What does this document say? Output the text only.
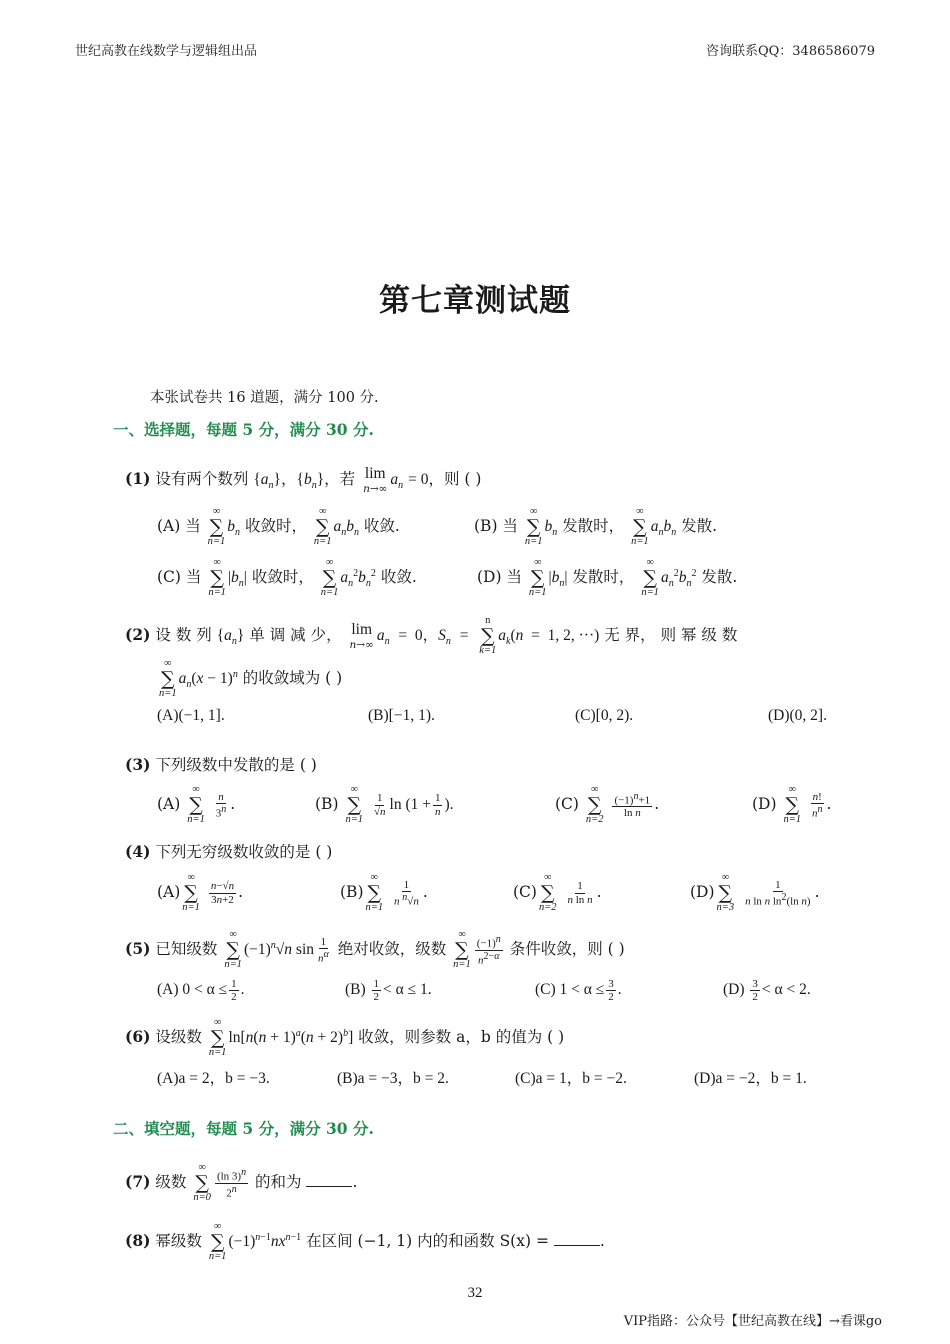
世纪高教在线数学与逻辑组出品	咨询联系QQ：3486586079
第七章测试题
本张试卷共 16 道题，满分 100 分.
一、选择题，每题 5 分，满分 30 分.
(1) 设有两个数列 $\{a_n\}$，$\{b_n\}$，若 lim
n→∞
$a_n = 0$，则 ( )
(A) 当
∞
∑
n=1
$b_n$ 收敛时，
∞
∑
n=1
$a_nb_n$ 收敛.	(B) 当
∞
∑
n=1
$b_n$ 发散时，
∞
∑
n=1
$a_nb_n$ 发散.
(C) 当
∞
∑
n=1
$|b_n|$ 收敛时，
∞
∑
n=1
$a_n^2b_n^2$ 收敛.	(D) 当
∞
∑
n=1
$|b_n|$ 发散时，
∞
∑
n=1
$a_n^2b_n^2$ 发散.
(2) 设 数 列 $\{a_n\}$ 单 调 减 少， lim
n→∞
$a_n = 0$，$S_n$  =
n
∑
k=1
$a_k(n = 1$, 2, ···) 无 界， 则 幂 级 数
∞
∑
n=1
$a_n(x - 1)^n$ 的收敛域为 ( )
(A)(−1, 1].	(B)[−1, 1).	(C)[0, 2).	(D)(0, 2].
(3) 下列级数中发散的是 ( )
(A)
∞
∑
n=1
$\frac{n}{3^n}$ .	(B)
∞
∑
n=1

$\frac{1}{√n}$ $\ln (1 + \frac{1}{n}$ ).	(C)
∞
∑
n=2
$\frac{(-1)^n+1}{\text{ln n}}$ .	(D)
∞
∑
n=1
$\frac{n!}{n^n}$ .
(4) 下列无穷级数收敛的是 ( )
(A)
∞
∑
n=1

$\frac{n-√n}{3n+2}$ .	(B)
∞
∑
n=1
$\frac{1}{n ^n√n}$ .	(C)
∞
∑
n=2

$\frac{1}{\text{n ln n}}$ .	(D)
∞
∑
n=3
$\frac{1}{n \ln n \ln^2(\ln n)}$ .
(5) 已知级数
∞
∑
n=1
$(-1)^n√n$ $\sin \frac{1}{n^\alpha}$ 绝对收敛，级数
∞
∑
$n=1 \frac{(-1)^n}{n^{2-\alpha}}$ 条件收敛，则 ( )
(A) $0 < \alpha \le \frac{1}{2}$ .	$(B) \frac{1}{2} < \alpha \le 1$.	(C) $1 < \alpha \le \frac{3}{2}$ .	$(D) \frac{3}{2} < \alpha < 2$.
(6) 设级数
∞
∑
n=1
$\ln[n(n + 1)^a(n + 2)^b]$ 收敛，则参数 a，b 的值为 ( )
(A)a = 2，b = −3.	(B)a = −3，b = 2.	(C)a = 1，b = −2.	(D)a = −2，b = 1.
二、填空题，每题 5 分，满分 30 分.
(7) 级数
∞
∑
$n=0 \frac{(\ln 3)^n}{2^n}$ 的和为	.
(8) 幂级数
∞
∑
n=1
$(-1)^{n-1}nx^{n-1}$ 在区间 (−1, 1) 内的和函数 S(x) =	.
32
VIP指路：公众号【世纪高教在线】→看课go
